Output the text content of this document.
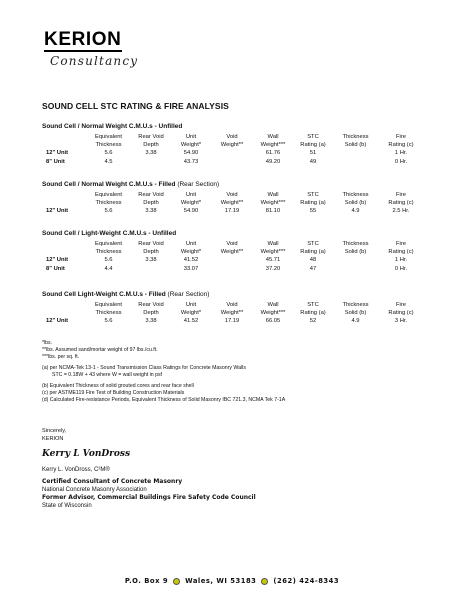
KERION
Consultancy
SOUND CELL STC RATING & FIRE ANALYSIS
Sound Cell / Normal Weight C.M.U.s - Unfilled
	Equivalent	Rear Void	Unit	Void	Wall	STC	Thickness	Fire
	Thickness	Depth	Weight*	Weight**	Weight***	Rating (a)	Solid (b)	Rating (c)
12" Unit	5.6	3.38	54.90		61.76	51		1 Hr.
8" Unit	4.5		43.73		49.20	49		0 Hr.
Sound Cell / Normal Weight C.M.U.s - Filled (Rear Section)
	Equivalent	Rear Void	Unit	Void	Wall	STC	Thickness	Fire
	Thickness	Depth	Weight*	Weight**	Weight***	Rating (a)	Solid (b)	Rating (c)
12" Unit	5.6	3.38	54.90	17.19	81.10	55	4.9	2.5 Hr.
Sound Cell / Light-Weight C.M.U.s - Unfilled
	Equivalent	Rear Void	Unit	Void	Wall	STC	Thickness	Fire
	Thickness	Depth	Weight*	Weight**	Weight***	Rating (a)	Solid (b)	Rating (c)
12" Unit	5.6	3.38	41.52		45.71	48		1 Hr.
8" Unit	4.4		33.07		37.20	47		0 Hr.
Sound Cell Light-Weight C.M.U.s - Filled (Rear Section)
	Equivalent	Rear Void	Unit	Void	Wall	STC	Thickness	Fire
	Thickness	Depth	Weight*	Weight**	Weight***	Rating (a)	Solid (b)	Rating (c)
12" Unit	5.6	3.38	41.52	17.19	66.05	52	4.9	3 Hr.
*lbs.
**lbs. Assumed sand/mortar weight of 97 lbs./cu.ft.
***lbs. per sq. ft.
(a) per NCMA-Tek 13-1 - Sound Transmission Class Ratings for Concrete Masonry Walls
STC = 0.18W + 43 where W = wall weight in psf
(b) Equivalent Thickness of solid grouted cores and rear face shell
(c) per ASTME119 Fire Test of Building Construction Materials
(d) Calculated Fire-resistance Periods, Equivalent Thickness of Solid Masonry IBC 721.3, NCMA Tek 7-1A
Sincerely,
KERION
Kerry L VonDross
Kerry L. VonDross, C²M®
Certified Consultant of Concrete Masonry
National Concrete Masonry Association
Former Advisor, Commercial Buildings Fire Safety Code Council
State of Wisconsin
P.O. Box 9	Wales, WI 53183	(262) 424-8343
